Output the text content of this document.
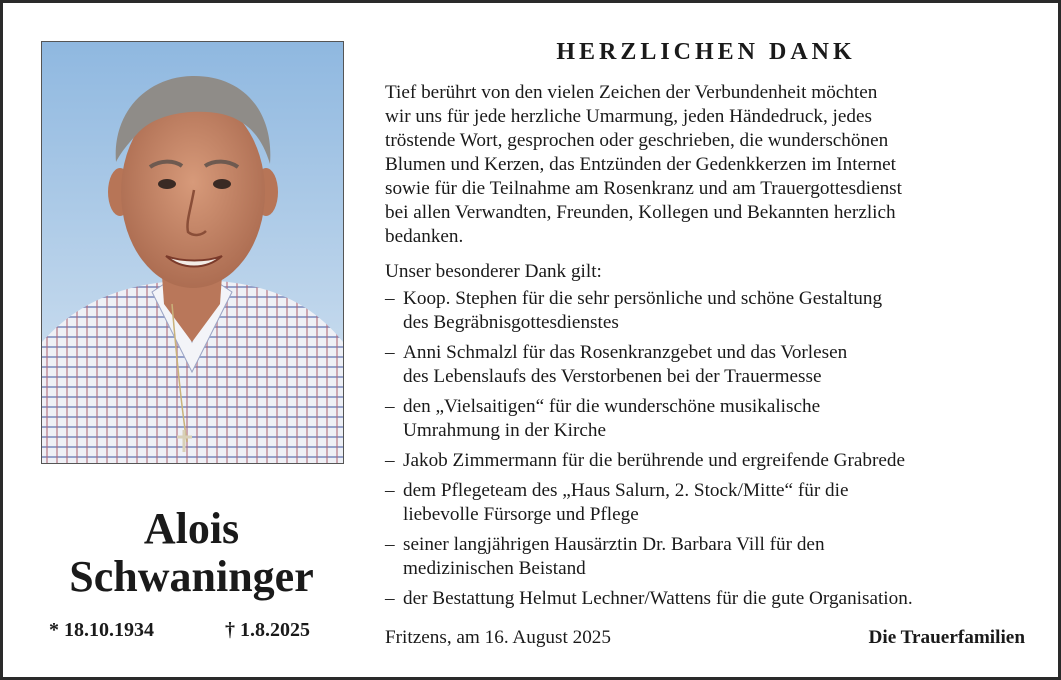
Alois
Schwaninger
* 18.10.1934	† 1.8.2025
HERZLICHEN DANK

Tief berührt von den vielen Zeichen der Verbundenheit möchten
wir uns für jede herzliche Umarmung, jeden Händedruck, jedes
tröstende Wort, gesprochen oder geschrieben, die wunderschönen
Blumen und Kerzen, das Entzünden der Gedenkkerzen im Internet
sowie für die Teilnahme am Rosenkranz und am Trauergottesdienst
bei allen Verwandten, Freunden, Kollegen und Bekannten herzlich
bedanken.

Unser besonderer Dank gilt:
– Koop. Stephen für die sehr persönliche und schöne Gestaltung
des Begräbnisgottesdienstes
– Anni Schmalzl für das Rosenkranzgebet und das Vorlesen
des Lebenslaufs des Verstorbenen bei der Trauermesse
– den „Vielsaitigen“ für die wunderschöne musikalische
Umrahmung in der Kirche
– Jakob Zimmermann für die berührende und ergreifende Grabrede
– dem Pflegeteam des „Haus Salurn, 2. Stock/Mitte“ für die
liebevolle Fürsorge und Pflege
– seiner langjährigen Hausärztin Dr. Barbara Vill für den
medizinischen Beistand
– der Bestattung Helmut Lechner/Wattens für die gute Organisation.
Fritzens, am 16. August 2025	Die Trauerfamilien
